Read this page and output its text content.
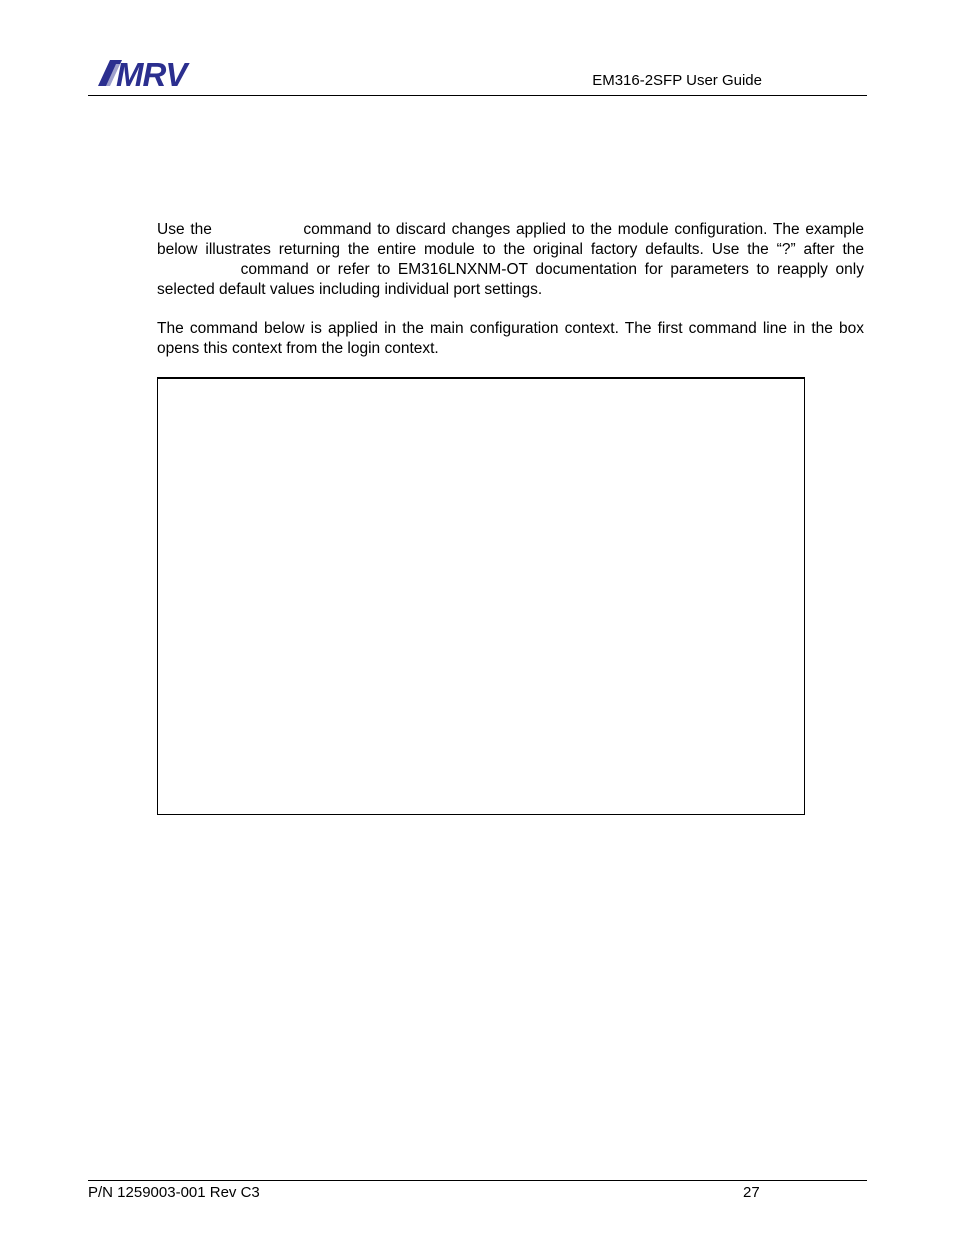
MRV	EM316-2SFP User Guide

Use the	command to discard changes applied to the module configuration. The example below illustrates returning the entire module to the original factory defaults. Use the “?” after the  command or refer to EM316LNXNM-OT documentation for parameters to reapply only selected default values including individual port settings.

The command below is applied in the main configuration context. The first command line in the box opens this context from the login context.

P/N 1259003-001 Rev C3	27
